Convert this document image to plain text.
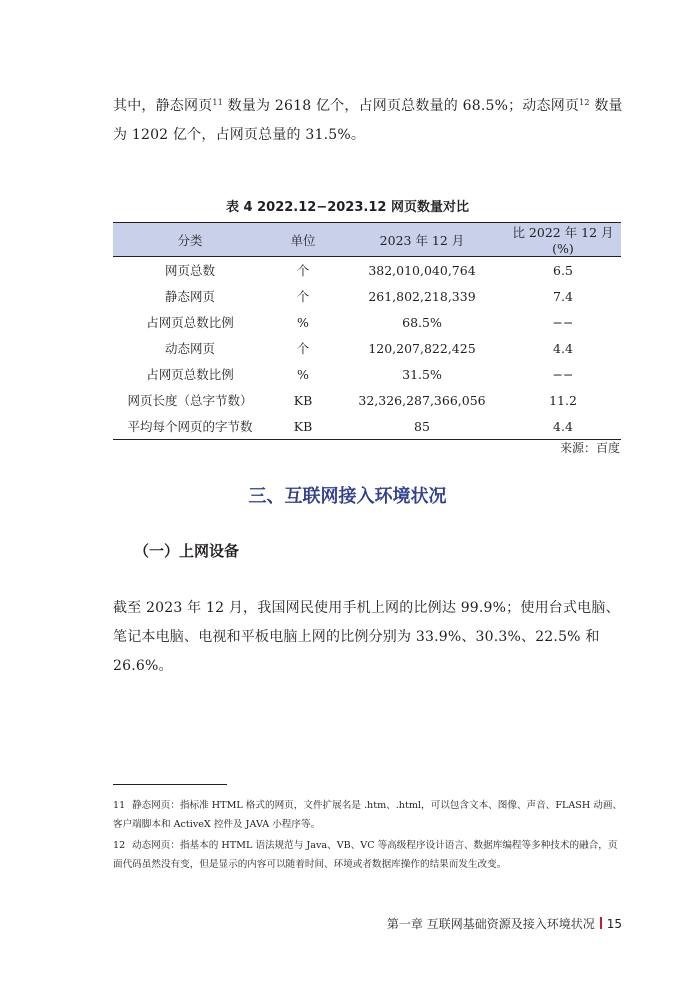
其中，静态网页$^{11}$ 数量为 2618 亿个，占网页总数量的 68.5%；动态网页$^{12}$ 数量为 1202 亿个，占网页总量的 31.5%。
表 4 2022.12−2023.12 网页数量对比
分类	单位	2023 年 12 月	比 2022 年 12 月 (%)
网页总数	个	382,010,040,764	6.5
静态网页	个	261,802,218,339	7.4
占网页总数比例	%	68.5%	−−
动态网页	个	120,207,822,425	4.4
占网页总数比例	%	31.5%	−−
网页长度（总字节数）	KB	32,326,287,366,056	11.2
平均每个网页的字节数	KB	85	4.4
来源：百度
三、互联网接入环境状况
（一）上网设备
截至 2023 年 12 月，我国网民使用手机上网的比例达 99.9%；使用台式电脑、笔记本电脑、电视和平板电脑上网的比例分别为 33.9%、30.3%、22.5% 和 26.6%。
11 静态网页：指标准 HTML 格式的网页，文件扩展名是 .htm、.html，可以包含文本、图像、声音、FLASH 动画、客户端脚本和 ActiveX 控件及 JAVA 小程序等。
12 动态网页：指基本的 HTML 语法规范与 Java、VB、VC 等高级程序设计语言、数据库编程等多种技术的融合，页面代码虽然没有变，但是显示的内容可以随着时间、环境或者数据库操作的结果而发生改变。
第一章 互联网基础资源及接入环境状况 15
